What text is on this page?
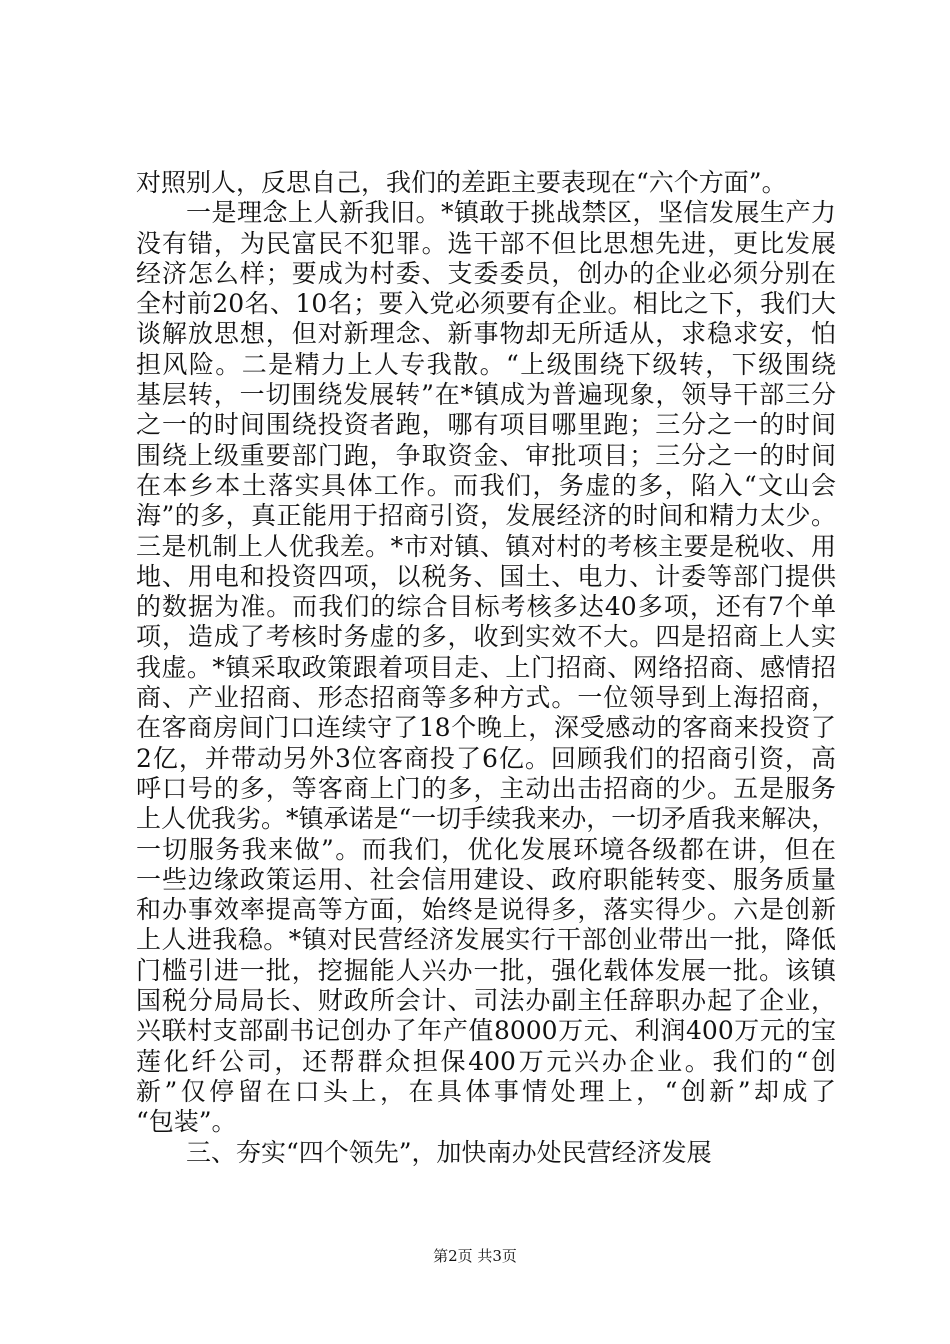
对照别人，反思自己，我们的差距主要表现在“六个方面”。
一是理念上人新我旧。*镇敢于挑战禁区，坚信发展生产力
没有错，为民富民不犯罪。选干部不但比思想先进，更比发展
经济怎么样；要成为村委、支委委员，创办的企业必须分别在
全村前20名、10名；要入党必须要有企业。相比之下，我们大
谈解放思想，但对新理念、新事物却无所适从，求稳求安，怕
担风险。二是精力上人专我散。“上级围绕下级转，下级围绕
基层转，一切围绕发展转”在*镇成为普遍现象，领导干部三分
之一的时间围绕投资者跑，哪有项目哪里跑；三分之一的时间
围绕上级重要部门跑，争取资金、审批项目；三分之一的时间
在本乡本土落实具体工作。而我们，务虚的多，陷入“文山会
海”的多，真正能用于招商引资，发展经济的时间和精力太少。
三是机制上人优我差。*市对镇、镇对村的考核主要是税收、用
地、用电和投资四项，以税务、国土、电力、计委等部门提供
的数据为准。而我们的综合目标考核多达40多项，还有7个单
项，造成了考核时务虚的多，收到实效不大。四是招商上人实
我虚。*镇采取政策跟着项目走、上门招商、网络招商、感情招
商、产业招商、形态招商等多种方式。一位领导到上海招商，
在客商房间门口连续守了18个晚上，深受感动的客商来投资了
2亿，并带动另外3位客商投了6亿。回顾我们的招商引资，高
呼口号的多，等客商上门的多，主动出击招商的少。五是服务
上人优我劣。*镇承诺是“一切手续我来办，一切矛盾我来解决，
一切服务我来做”。而我们，优化发展环境各级都在讲，但在
一些边缘政策运用、社会信用建设、政府职能转变、服务质量
和办事效率提高等方面，始终是说得多，落实得少。六是创新
上人进我稳。*镇对民营经济发展实行干部创业带出一批，降低
门槛引进一批，挖掘能人兴办一批，强化载体发展一批。该镇
国税分局局长、财政所会计、司法办副主任辞职办起了企业，
兴联村支部副书记创办了年产值8000万元、利润400万元的宝
莲化纤公司，还帮群众担保400万元兴办企业。我们的“创
新”仅停留在口头上，在具体事情处理上，“创新”却成了
“包装”。
三、夯实“四个领先”，加快南办处民营经济发展
第2页 共3页
